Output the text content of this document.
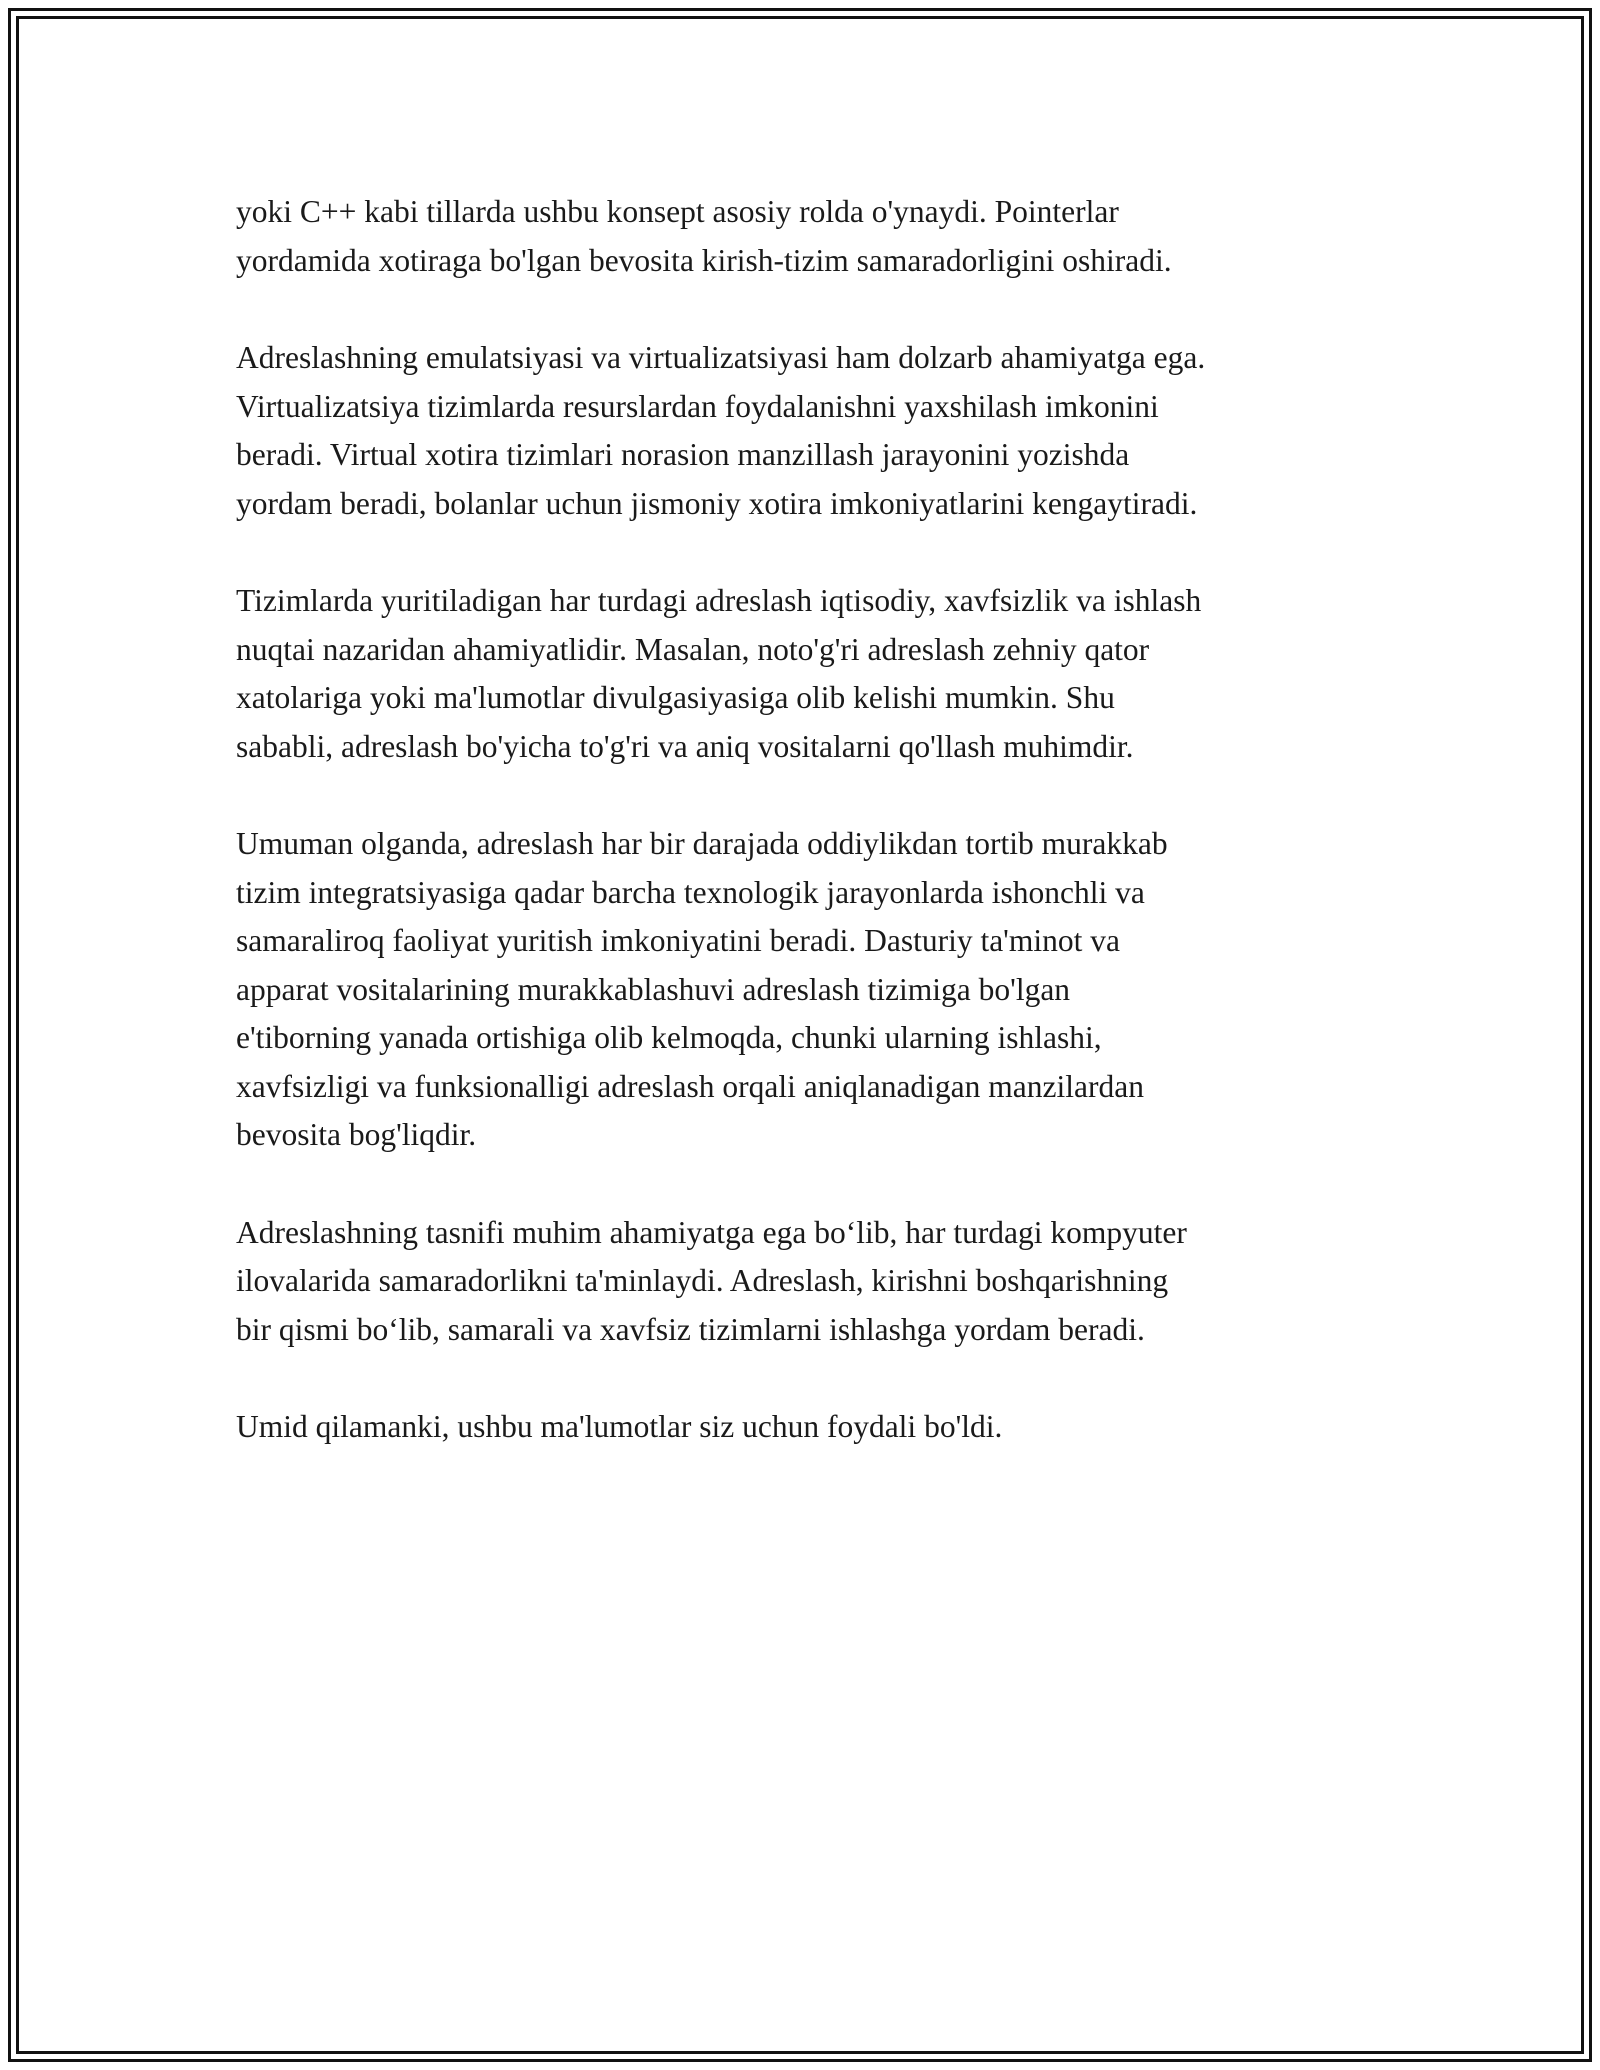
yoki C++ kabi tillarda ushbu konsept asosiy rolda o'ynaydi. Pointerlar
yordamida xotiraga bo'lgan bevosita kirish-tizim samaradorligini oshiradi.

Adreslashning emulatsiyasi va virtualizatsiyasi ham dolzarb ahamiyatga ega.
Virtualizatsiya tizimlarda resurslardan foydalanishni yaxshilash imkonini
beradi. Virtual xotira tizimlari norasion manzillash jarayonini yozishda
yordam beradi, bolanlar uchun jismoniy xotira imkoniyatlarini kengaytiradi.

Tizimlarda yuritiladigan har turdagi adreslash iqtisodiy, xavfsizlik va ishlash
nuqtai nazaridan ahamiyatlidir. Masalan, noto'g'ri adreslash zehniy qator
xatolariga yoki ma'lumotlar divulgasiyasiga olib kelishi mumkin. Shu
sababli, adreslash bo'yicha to'g'ri va aniq vositalarni qo'llash muhimdir.

Umuman olganda, adreslash har bir darajada oddiylikdan tortib murakkab
tizim integratsiyasiga qadar barcha texnologik jarayonlarda ishonchli va
samaraliroq faoliyat yuritish imkoniyatini beradi. Dasturiy ta'minot va
apparat vositalarining murakkablashuvi adreslash tizimiga bo'lgan
e'tiborning yanada ortishiga olib kelmoqda, chunki ularning ishlashi,
xavfsizligi va funksionalligi adreslash orqali aniqlanadigan manzilardan
bevosita bog'liqdir.

Adreslashning tasnifi muhim ahamiyatga ega bo‘lib, har turdagi kompyuter
ilovalarida samaradorlikni ta'minlaydi. Adreslash, kirishni boshqarishning
bir qismi bo‘lib, samarali va xavfsiz tizimlarni ishlashga yordam beradi.

Umid qilamanki, ushbu ma'lumotlar siz uchun foydali bo'ldi.
